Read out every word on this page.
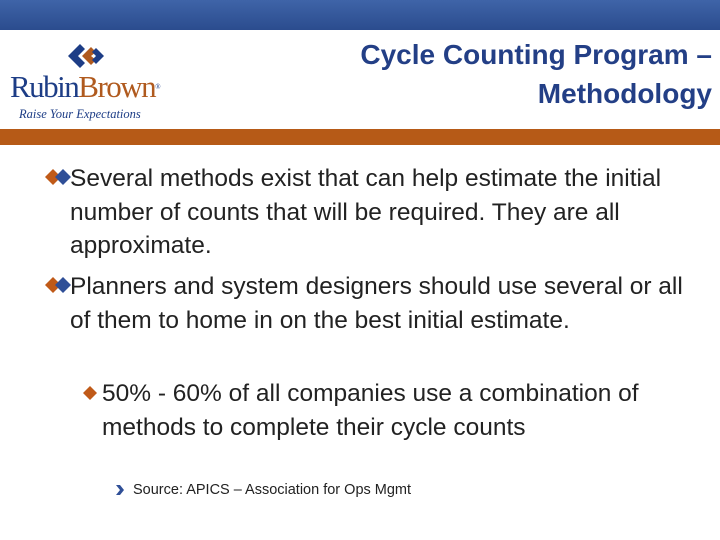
RubinBrown®
Raise Your Expectations
Cycle Counting Program –
Methodology
Several methods exist that can help estimate the initial number of counts that will be required. They are all approximate.
Planners and system designers should use several or all of them to home in on the best initial estimate.
50% - 60% of all companies use a combination of methods to complete their cycle counts
Source: APICS – Association for Ops Mgmt
